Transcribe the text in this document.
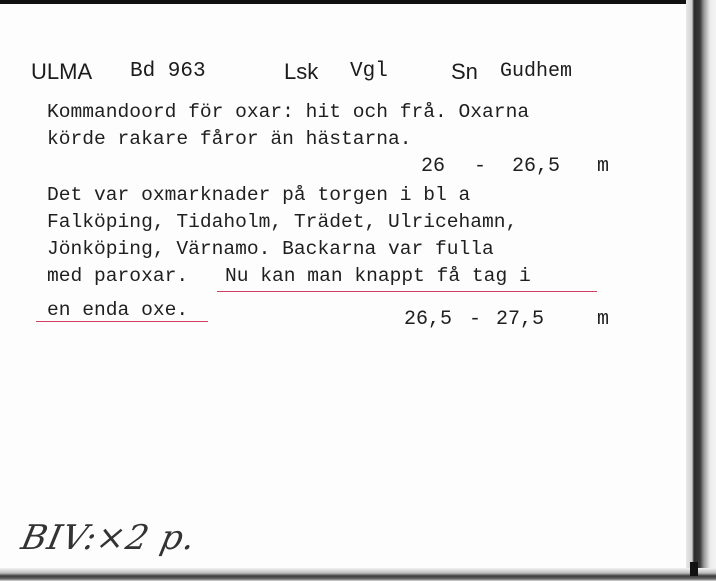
ULMA Bd 963	Lsk Vgl	Sn Gudhem
Kommandoord för oxar: hit och frå. Oxarna
körde rakare fåror än hästarna.
26 - 26,5 m
Det var oxmarknader på torgen i bl a
Falköping, Tidaholm, Trädet, Ulricehamn,
Jönköping, Värnamo. Backarna var fulla
med paroxar. Nu kan man knappt få tag i
en enda oxe.	26,5 - 27,5	m
BIV:×2 p.
